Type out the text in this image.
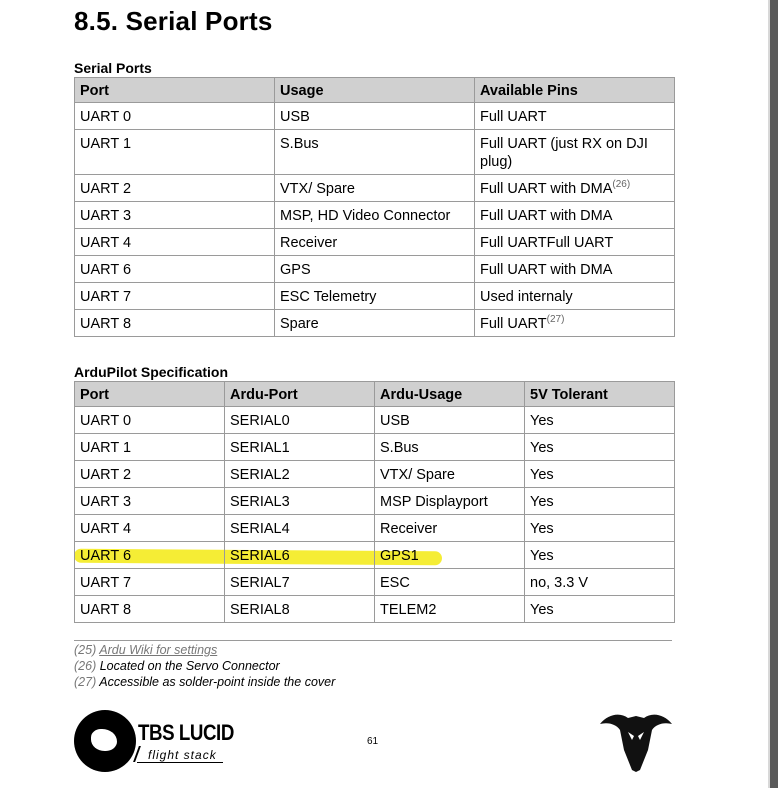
8.5. Serial Ports
Serial Ports
Port	Usage	Available Pins
UART 0	USB	Full UART
UART 1	S.Bus	Full UART (just RX on DJI plug)
UART 2	VTX/ Spare	Full UART with DMA$^{(26)}$
UART 3	MSP, HD Video Connector	Full UART with DMA
UART 4	Receiver	Full UARTFull UART
UART 6	GPS	Full UART with DMA
UART 7	ESC Telemetry	Used internaly
UART 8	Spare	Full UART$^{(27)}$
ArduPilot Specification
Port	Ardu-Port	Ardu-Usage	5V Tolerant
UART 0	SERIAL0	USB	Yes
UART 1	SERIAL1	S.Bus	Yes
UART 2	SERIAL2	VTX/ Spare	Yes
UART 3	SERIAL3	MSP Displayport	Yes
UART 4	SERIAL4	Receiver	Yes
UART 6	SERIAL6	GPS1	Yes
UART 7	SERIAL7	ESC	no, 3.3 V
UART 8	SERIAL8	TELEM2	Yes
(25) Ardu Wiki for settings
(26) Located on the Servo Connector
(27) Accessible as solder-point inside the cover
TBS LUCID
flight stack
61
